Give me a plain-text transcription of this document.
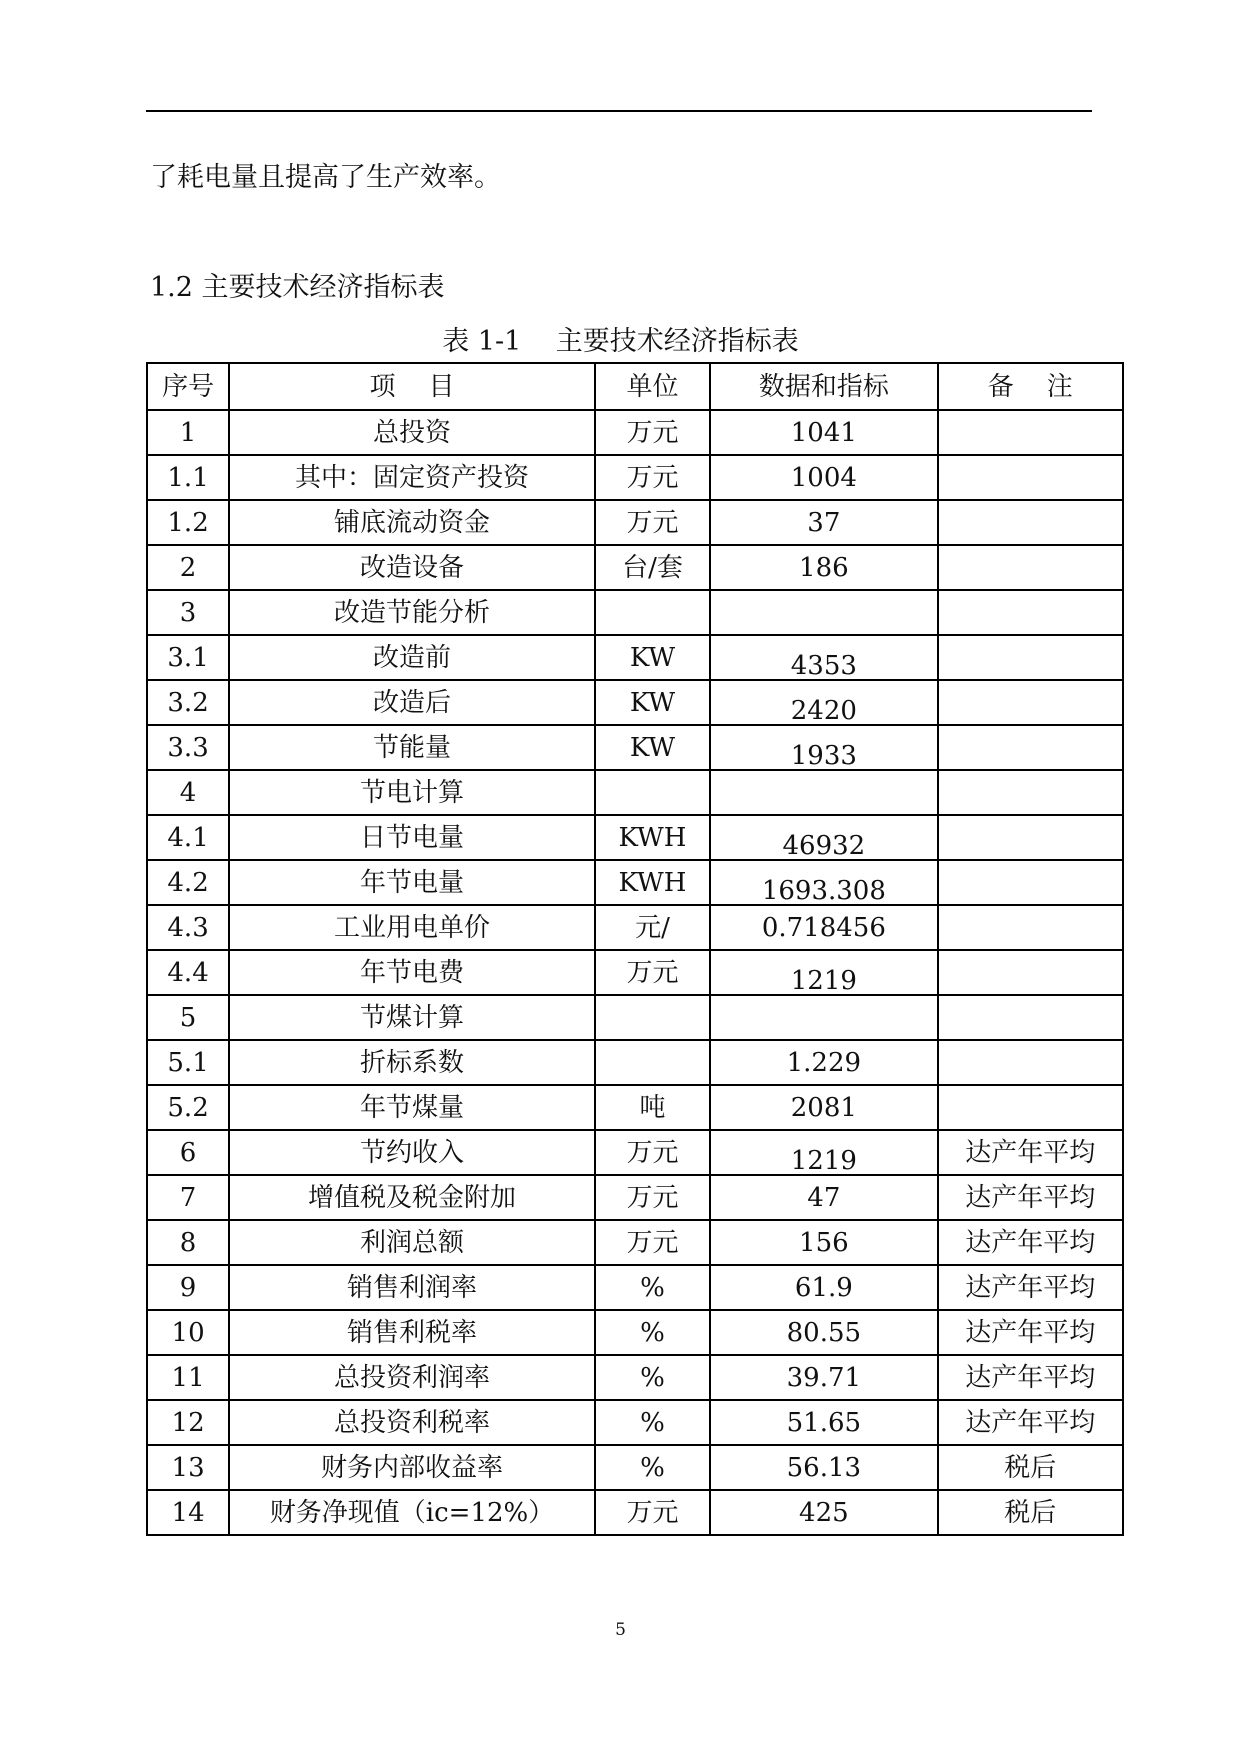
了耗电量且提高了生产效率。
1.2 主要技术经济指标表
表 1-1    主要技术经济指标表
序号	项    目	单位	数据和指标	备    注
1	总投资	万元	1041	
1.1	其中：固定资产投资	万元	1004	
1.2	铺底流动资金	万元	37	
2	改造设备	台/套	186	
3	改造节能分析			
3.1	改造前	KW	4353	
3.2	改造后	KW	2420	
3.3	节能量	KW	1933	
4	节电计算			
4.1	日节电量	KWH	46932	
4.2	年节电量	KWH	1693.308	
4.3	工业用电单价	元/	0.718456	
4.4	年节电费	万元	1219	
5	节煤计算			
5.1	折标系数		1.229	
5.2	年节煤量	吨	2081	
6	节约收入	万元	1219	达产年平均
7	增值税及税金附加	万元	47	达产年平均
8	利润总额	万元	156	达产年平均
9	销售利润率	%	61.9	达产年平均
10	销售利税率	%	80.55	达产年平均
11	总投资利润率	%	39.71	达产年平均
12	总投资利税率	%	51.65	达产年平均
13	财务内部收益率	%	56.13	税后
14	财务净现值（ic=12%）	万元	425	税后
5
